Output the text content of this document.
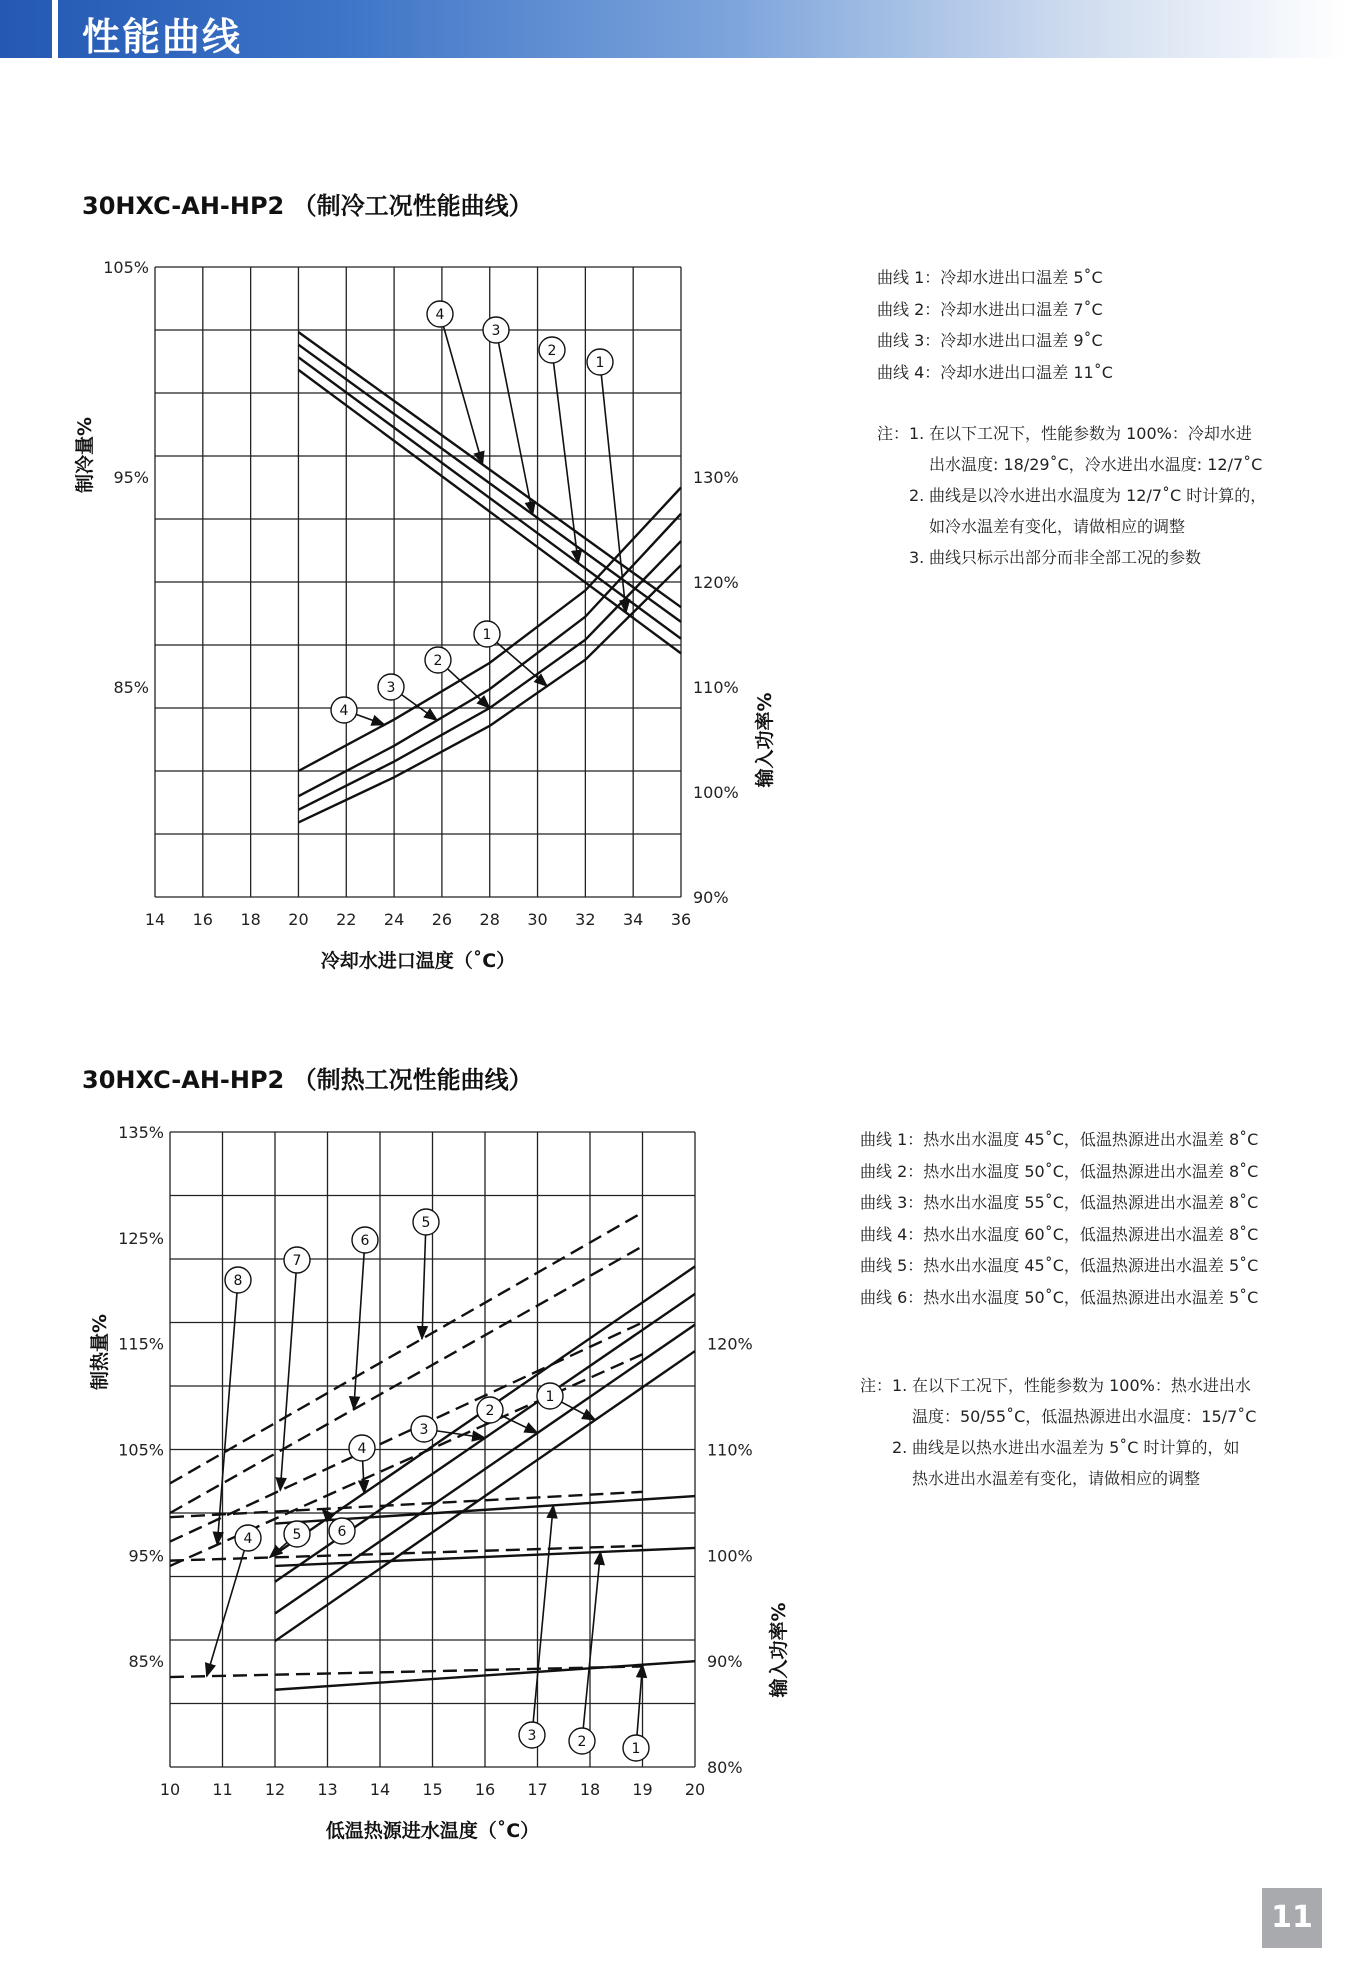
性能曲线
30HXC-AH-HP2 （制冷工况性能曲线）
14 16 18 20 22 24 26 28 30 32 34 36
105%
95%
85%
130%
120%
110%
100%
90%
冷却水进口温度（˚C）
制冷量%
输入功率%
4
3
2
1
1
2
3
4
曲线 1：冷却水进出口温差 5˚C
曲线 2：冷却水进出口温差 7˚C
曲线 3：冷却水进出口温差 9˚C
曲线 4：冷却水进出口温差 11˚C
注： 1. 在以下工况下，性能参数为 100%：冷却水进
出水温度: 18/29˚C，冷水进出水温度: 12/7˚C
2. 曲线是以冷水进出水温度为 12/7˚C 时计算的，
如冷水温差有变化，请做相应的调整
3. 曲线只标示出部分而非全部工况的参数
30HXC-AH-HP2 （制热工况性能曲线）
10 11 12 13 14 15 16 17 18 19 20
135%
125%
115%
105%
95%
85%
120%
110%
100%
90%
80%
低温热源进水温度（˚C）
制热量%
输入功率%
8
7
6
5
4
3
2
1
4	5	6
3	2	1
曲线 1：热水出水温度 45˚C，低温热源进出水温差 8˚C
曲线 2：热水出水温度 50˚C，低温热源进出水温差 8˚C
曲线 3：热水出水温度 55˚C，低温热源进出水温差 8˚C
曲线 4：热水出水温度 60˚C，低温热源进出水温差 8˚C
曲线 5：热水出水温度 45˚C，低温热源进出水温差 5˚C
曲线 6：热水出水温度 50˚C，低温热源进出水温差 5˚C
注： 1. 在以下工况下，性能参数为 100%：热水进出水
温度：50/55˚C，低温热源进出水温度：15/7˚C
2. 曲线是以热水进出水温差为 5˚C 时计算的，如
热水进出水温差有变化，请做相应的调整
11
